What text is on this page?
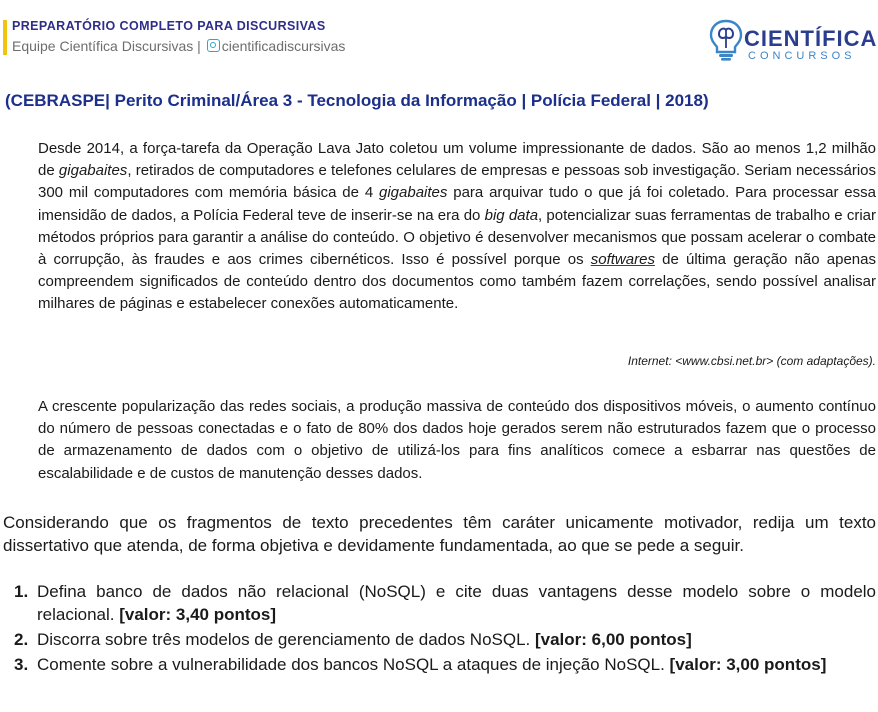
PREPARATÓRIO COMPLETO PARA DISCURSIVAS
Equipe Científica Discursivas | cientificadiscursivas	CIENTÍFICA
CONCURSOS
(CEBRASPE| Perito Criminal/Área 3 - Tecnologia da Informação | Polícia Federal | 2018)
Desde 2014, a força-tarefa da Operação Lava Jato coletou um volume impressionante de dados. São ao menos 1,2 milhão de gigabaites, retirados de computadores e telefones celulares de empresas e pessoas sob investigação. Seriam necessários 300 mil computadores com memória básica de 4 gigabaites para arquivar tudo o que já foi coletado. Para processar essa imensidão de dados, a Polícia Federal teve de inserir-se na era do big data, potencializar suas ferramentas de trabalho e criar métodos próprios para garantir a análise do conteúdo. O objetivo é desenvolver mecanismos que possam acelerar o combate à corrupção, às fraudes e aos crimes cibernéticos. Isso é possível porque os softwares de última geração não apenas compreendem significados de conteúdo dentro dos documentos como também fazem correlações, sendo possível analisar milhares de páginas e estabelecer conexões automaticamente.
Internet: <www.cbsi.net.br> (com adaptações).
A crescente popularização das redes sociais, a produção massiva de conteúdo dos dispositivos móveis, o aumento contínuo do número de pessoas conectadas e o fato de 80% dos dados hoje gerados serem não estruturados fazem que o processo de armazenamento de dados com o objetivo de utilizá-los para fins analíticos comece a esbarrar nas questões de escalabilidade e de custos de manutenção desses dados.
Considerando que os fragmentos de texto precedentes têm caráter unicamente motivador, redija um texto dissertativo que atenda, de forma objetiva e devidamente fundamentada, ao que se pede a seguir.
1. Defina banco de dados não relacional (NoSQL) e cite duas vantagens desse modelo sobre o modelo relacional. [valor: 3,40 pontos]
2. Discorra sobre três modelos de gerenciamento de dados NoSQL. [valor: 6,00 pontos]
3. Comente sobre a vulnerabilidade dos bancos NoSQL a ataques de injeção NoSQL. [valor: 3,00 pontos]
